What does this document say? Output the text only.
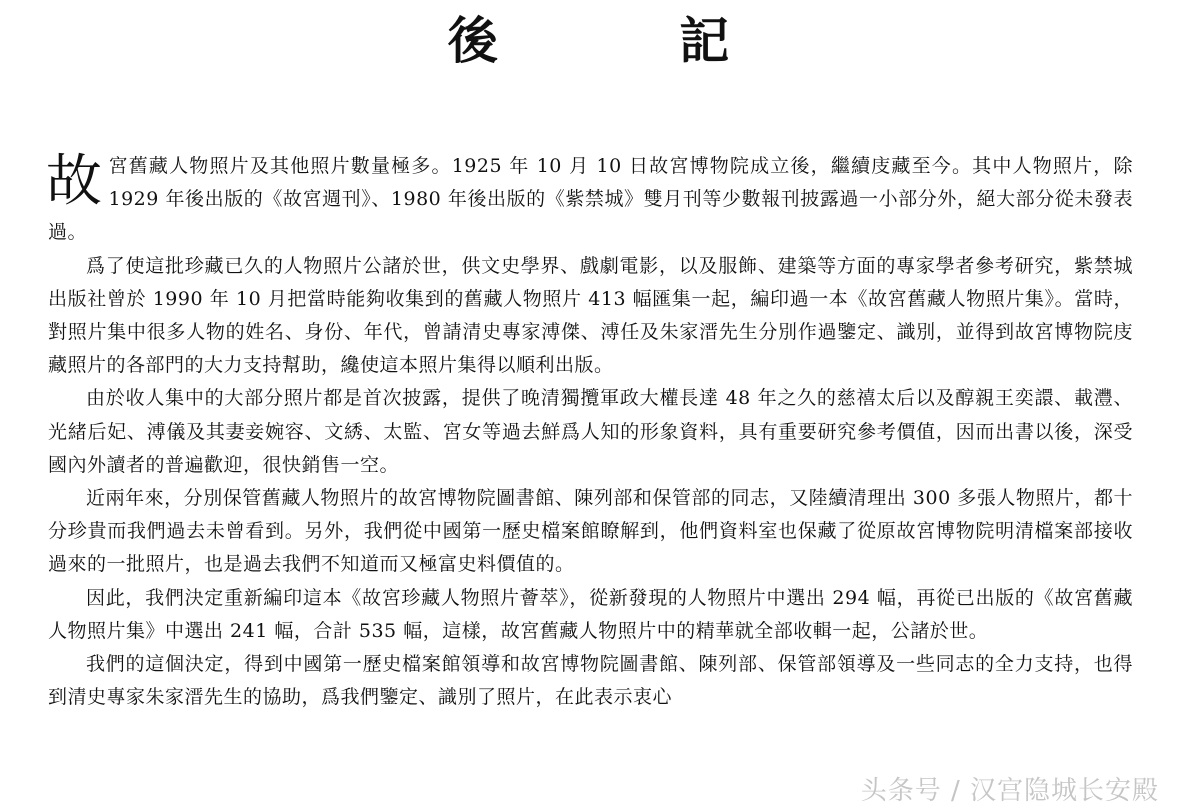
後 記

故宮舊藏人物照片及其他照片數量極多。1925 年 10 月 10 日故宮博物院成立後，繼續庋藏至今。其中人物照片，除 1929 年後出版的《故宮週刊》、1980 年後出版的《紫禁城》雙月刊等少數報刊披露過一小部分外，絕大部分從未發表過。

爲了使這批珍藏已久的人物照片公諸於世，供文史學界、戲劇電影，以及服飾、建築等方面的專家學者參考研究，紫禁城出版社曾於 1990 年 10 月把當時能夠收集到的舊藏人物照片 413 幅匯集一起，編印過一本《故宮舊藏人物照片集》。當時，對照片集中很多人物的姓名、身份、年代，曾請清史專家溥傑、溥任及朱家溍先生分別作過鑒定、識別，並得到故宮博物院庋藏照片的各部門的大力支持幫助，纔使這本照片集得以順利出版。

由於收人集中的大部分照片都是首次披露，提供了晚清獨攬軍政大權長達 48 年之久的慈禧太后以及醇親王奕譞、載灃、光緒后妃、溥儀及其妻妾婉容、文綉、太監、宮女等過去鮮爲人知的形象資料，具有重要研究參考價值，因而出書以後，深受國內外讀者的普遍歡迎，很快銷售一空。

近兩年來，分別保管舊藏人物照片的故宮博物院圖書館、陳列部和保管部的同志，又陸續清理出 300 多張人物照片，都十分珍貴而我們過去未曾看到。另外，我們從中國第一歷史檔案館瞭解到，他們資料室也保藏了從原故宮博物院明清檔案部接收過來的一批照片，也是過去我們不知道而又極富史料價值的。

因此，我們決定重新編印這本《故宮珍藏人物照片薈萃》，從新發現的人物照片中選出 294 幅，再從已出版的《故宮舊藏人物照片集》中選出 241 幅，合計 535 幅，這樣，故宮舊藏人物照片中的精華就全部收輯一起，公諸於世。

我們的這個決定，得到中國第一歷史檔案館領導和故宮博物院圖書館、陳列部、保管部領導及一些同志的全力支持，也得到清史專家朱家溍先生的協助，爲我們鑒定、識別了照片，在此表示衷心

头条号 / 汉宫隐城长安殿
